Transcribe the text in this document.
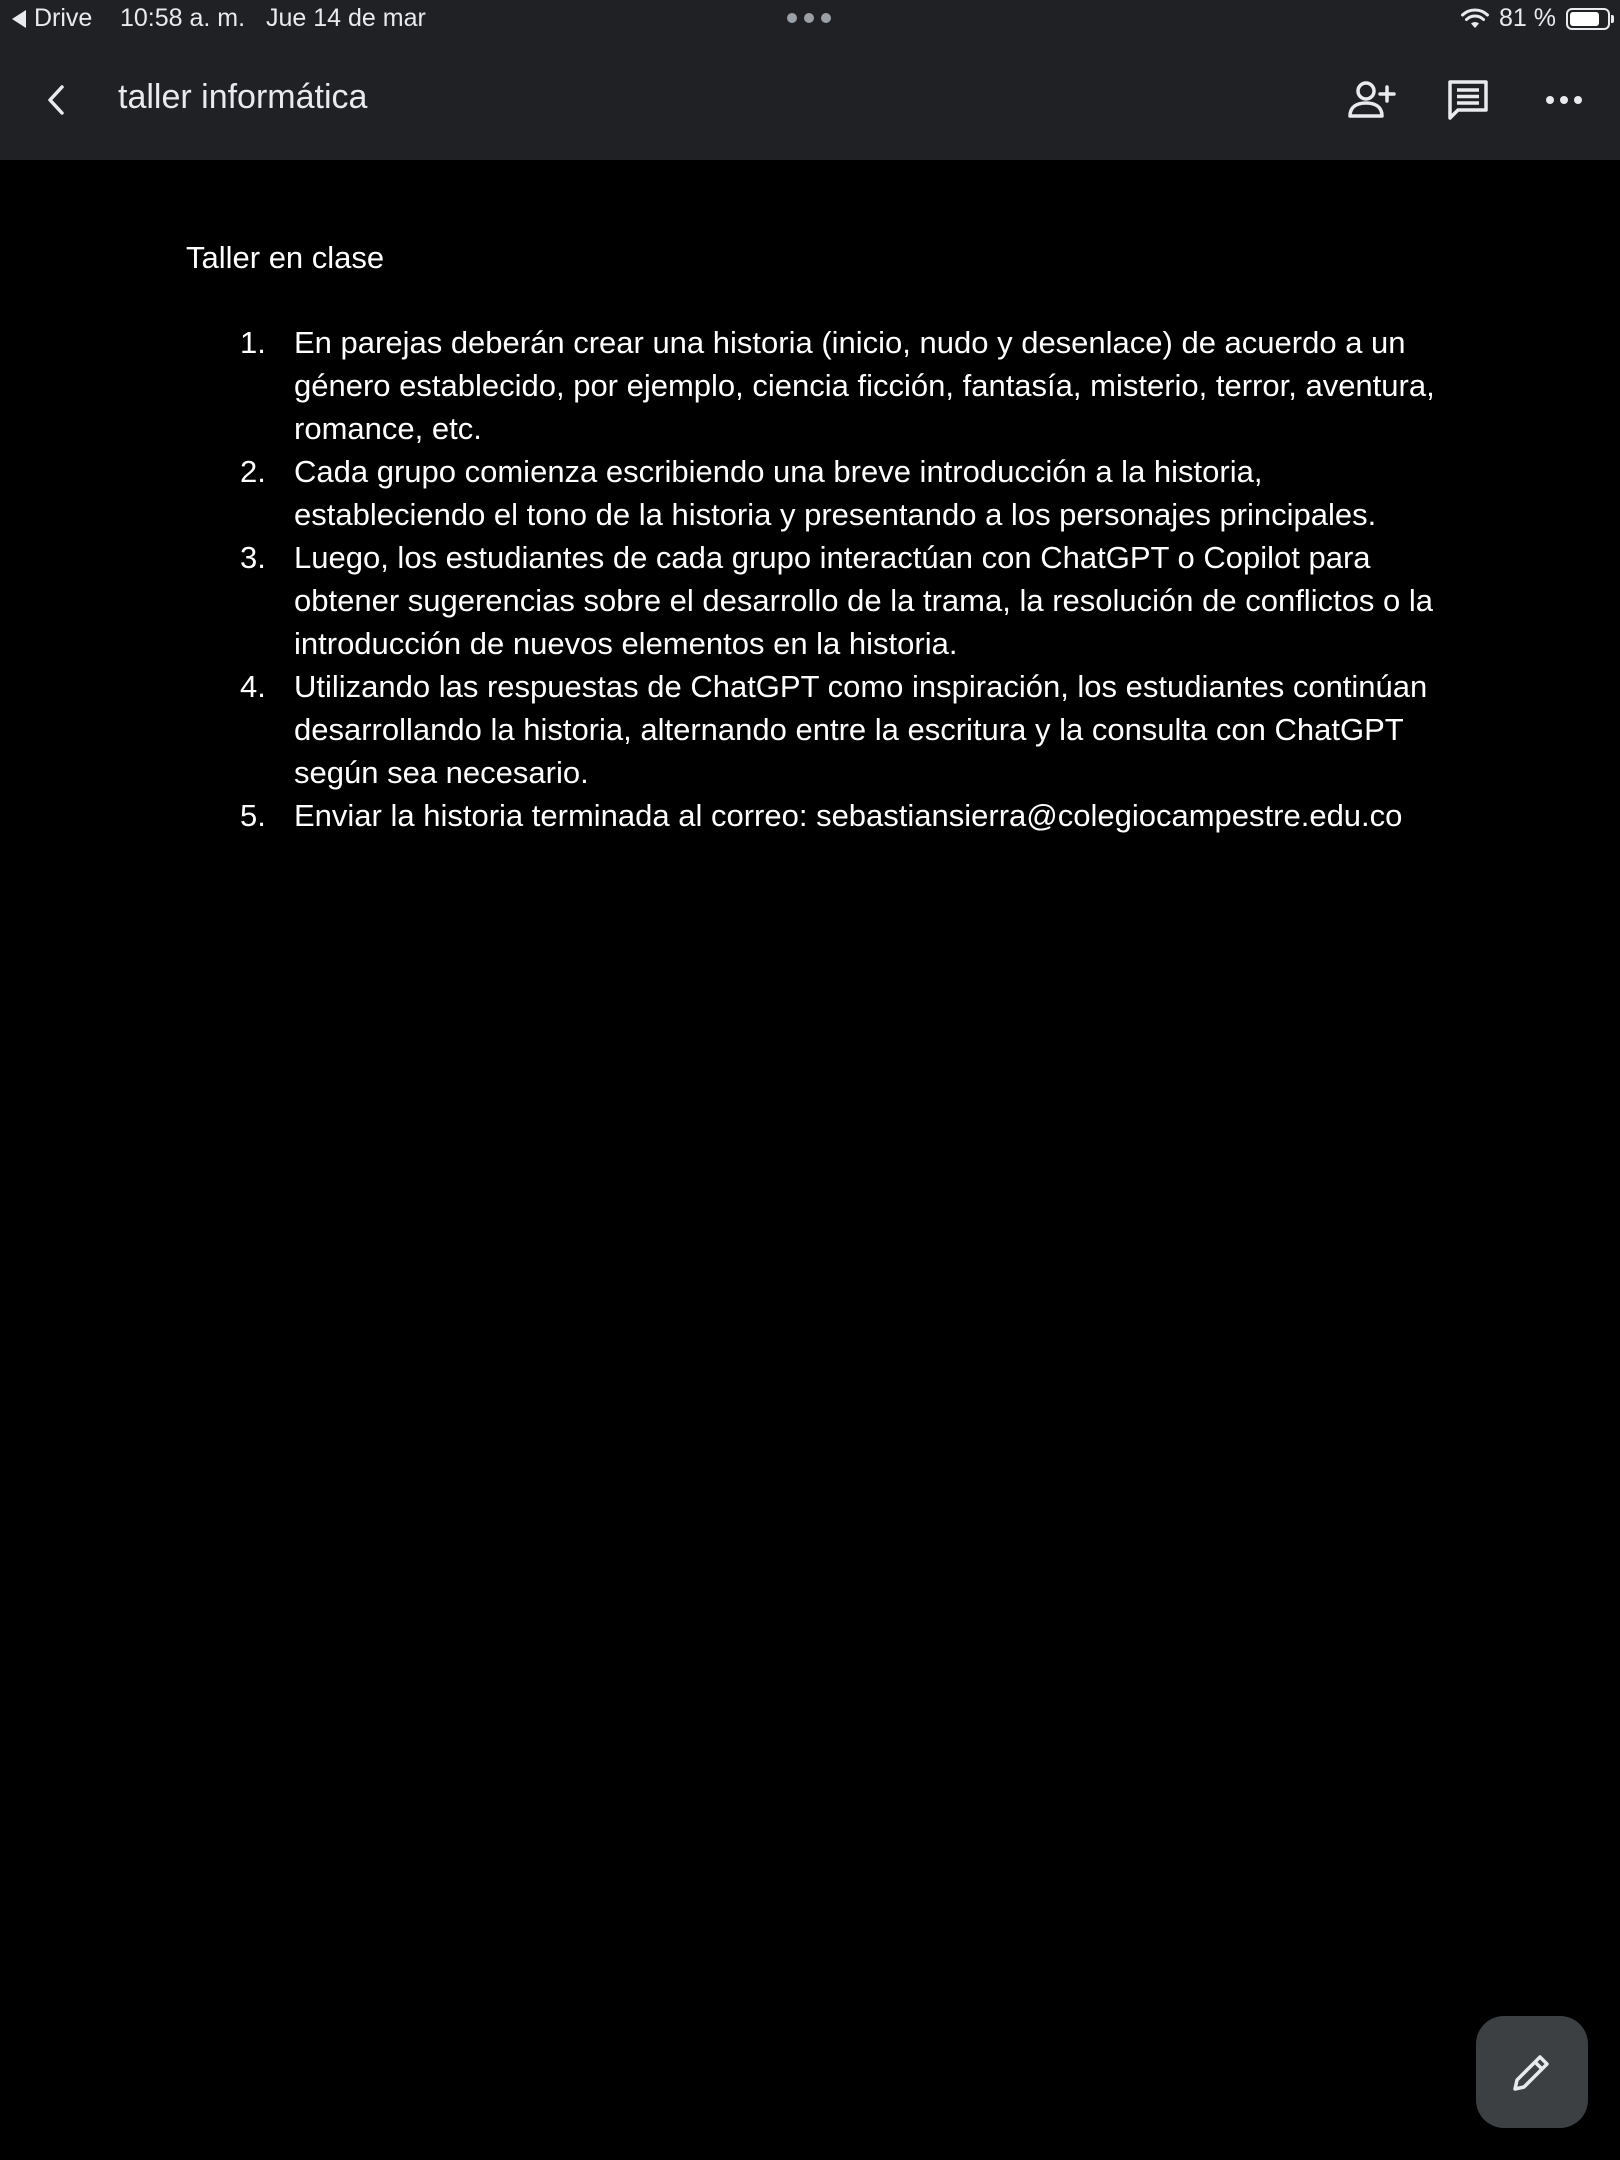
Drive 10:58 a. m. Jue 14 de mar	81 %
taller informática

Taller en clase

1. En parejas deberán crear una historia (inicio, nudo y desenlace) de acuerdo a un género establecido, por ejemplo, ciencia ficción, fantasía, misterio, terror, aventura, romance, etc.
2. Cada grupo comienza escribiendo una breve introducción a la historia, estableciendo el tono de la historia y presentando a los personajes principales.
3. Luego, los estudiantes de cada grupo interactúan con ChatGPT o Copilot para obtener sugerencias sobre el desarrollo de la trama, la resolución de conflictos o la introducción de nuevos elementos en la historia.
4. Utilizando las respuestas de ChatGPT como inspiración, los estudiantes continúan desarrollando la historia, alternando entre la escritura y la consulta con ChatGPT según sea necesario.
5. Enviar la historia terminada al correo: sebastiansierra@colegiocampestre.edu.co
